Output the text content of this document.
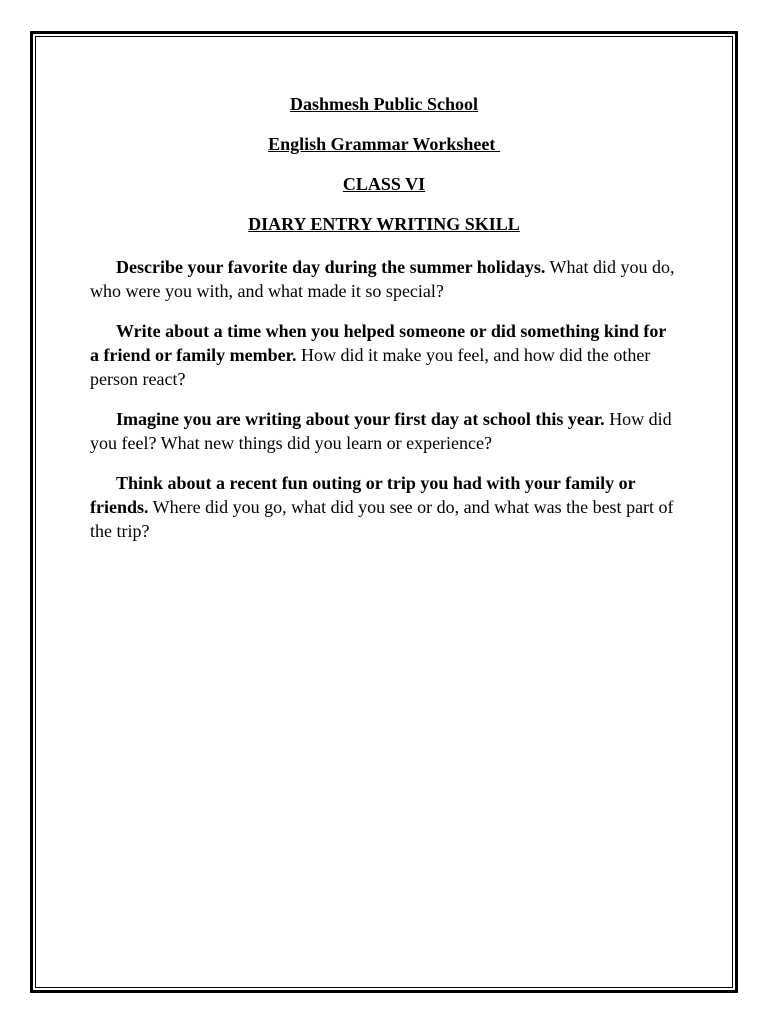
Dashmesh Public School
English Grammar Worksheet
CLASS VI
DIARY ENTRY WRITING SKILL

Describe your favorite day during the summer holidays. What did you do, who were you with, and what made it so special?

Write about a time when you helped someone or did something kind for a friend or family member. How did it make you feel, and how did the other person react?

Imagine you are writing about your first day at school this year. How did you feel? What new things did you learn or experience?

Think about a recent fun outing or trip you had with your family or friends. Where did you go, what did you see or do, and what was the best part of the trip?
